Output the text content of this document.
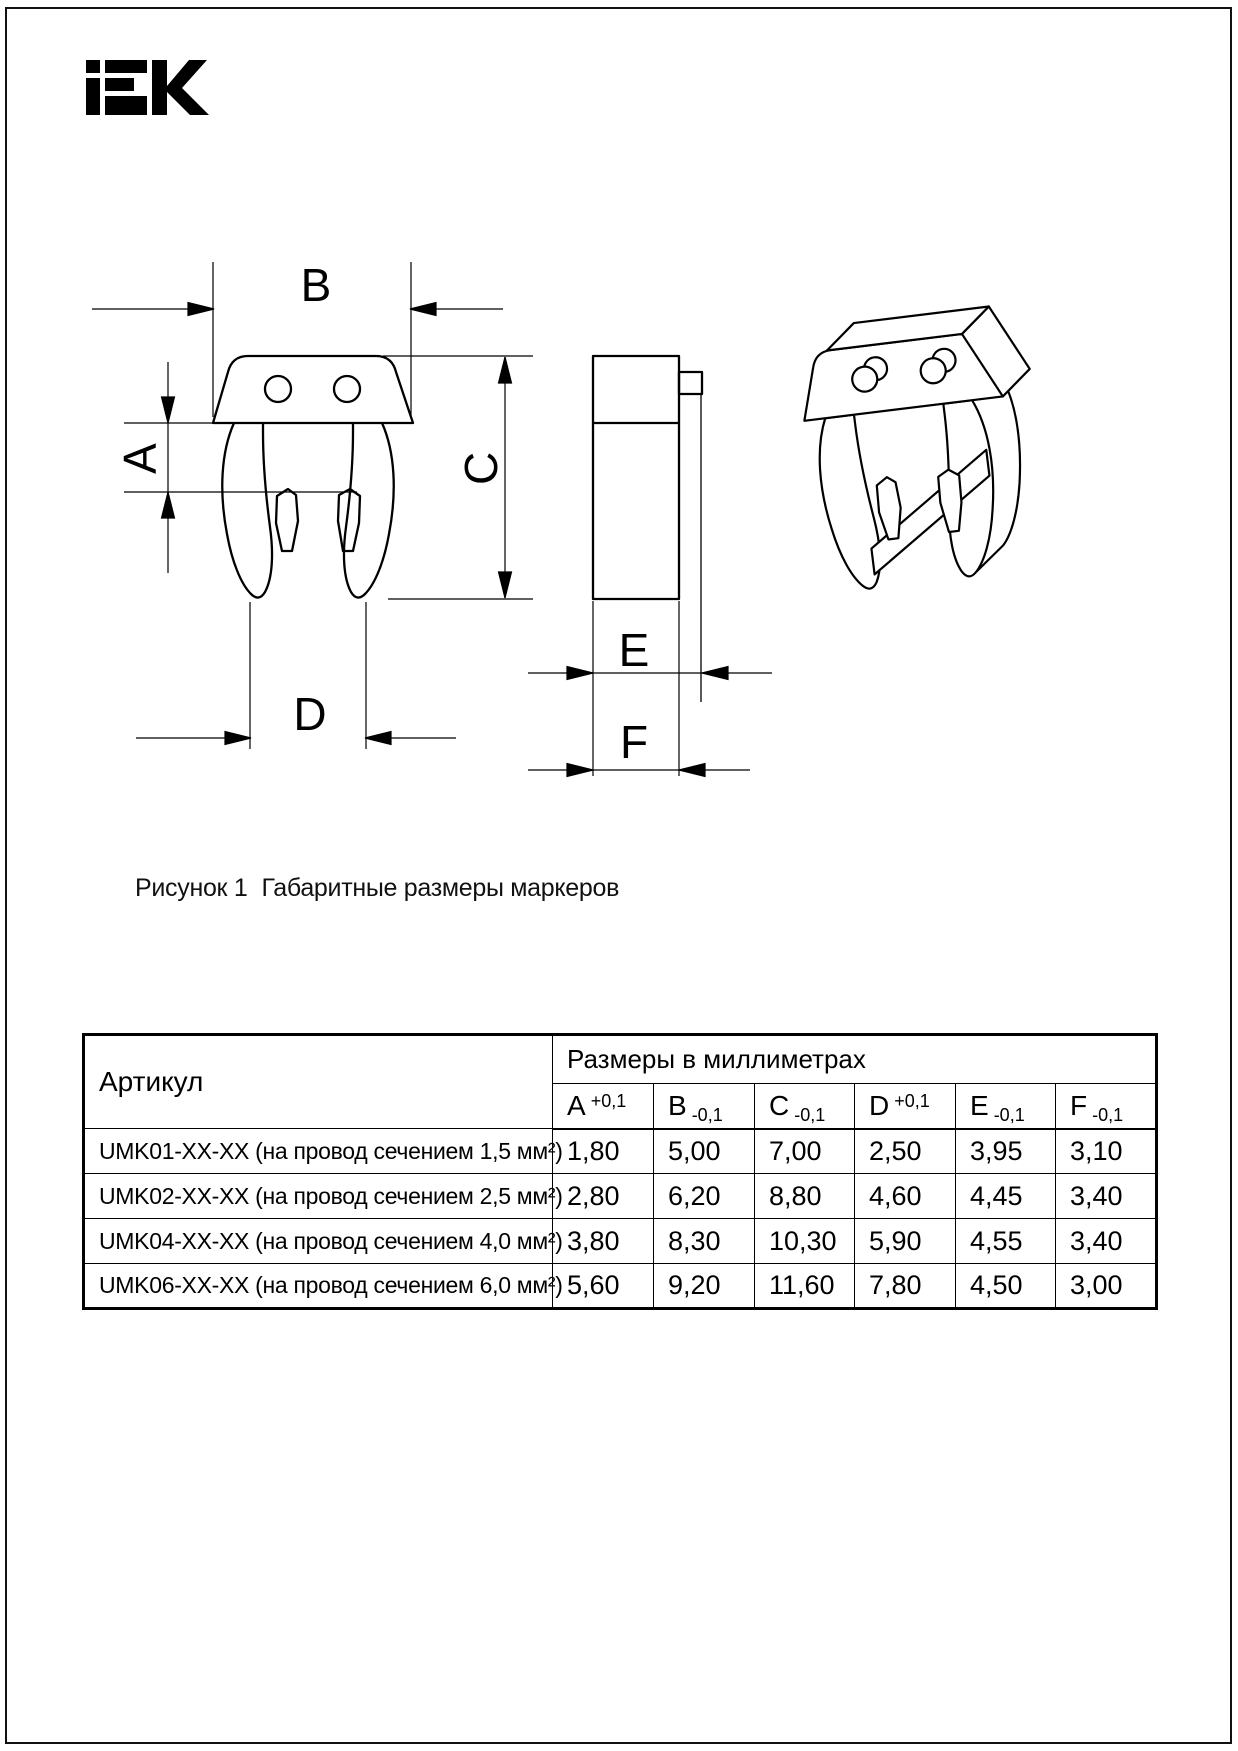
B
A	C
D
E
F
Рисунок 1 Габаритные размеры маркеров
Артикул	Размеры в миллиметрах					
	A +0,1	B -0,1	C -0,1	D +0,1	E -0,1	F -0,1
UMK01-XX-XX (на провод сечением 1,5 мм²)	1,80	5,00	7,00	2,50	3,95	3,10
UMK02-XX-XX (на провод сечением 2,5 мм²)	2,80	6,20	8,80	4,60	4,45	3,40
UMK04-XX-XX (на провод сечением 4,0 мм²)	3,80	8,30	10,30	5,90	4,55	3,40
UMK06-XX-XX (на провод сечением 6,0 мм²)	5,60	9,20	11,60	7,80	4,50	3,00
